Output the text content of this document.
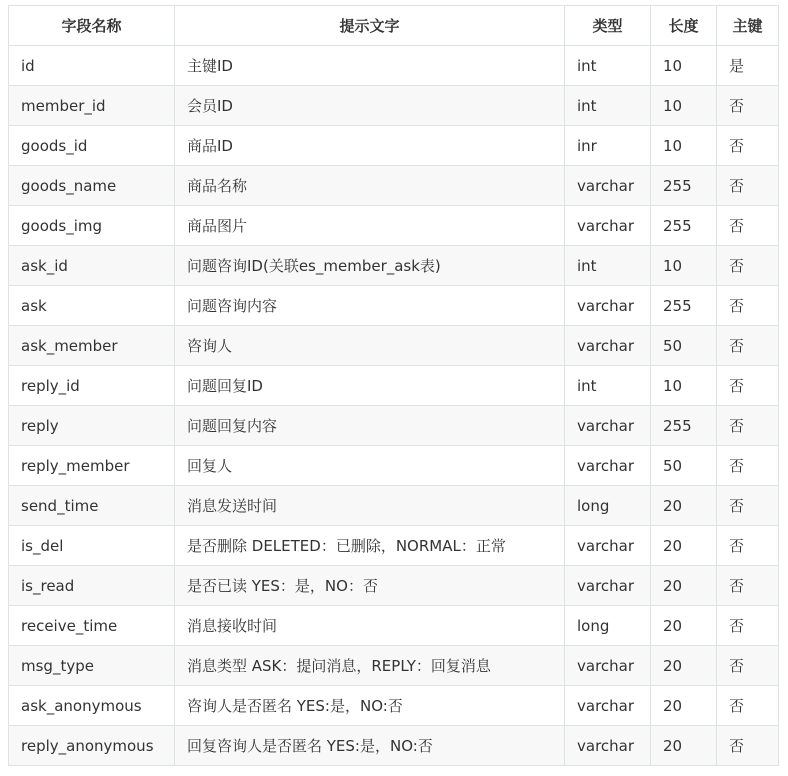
字段名称	提示文字	类型	长度	主键
id	主键ID	int	10	是
member_id	会员ID	int	10	否
goods_id	商品ID	inr	10	否
goods_name	商品名称	varchar	255	否
goods_img	商品图片	varchar	255	否
ask_id	问题咨询ID(关联es_member_ask表)	int	10	否
ask	问题咨询内容	varchar	255	否
ask_member	咨询人	varchar	50	否
reply_id	问题回复ID	int	10	否
reply	问题回复内容	varchar	255	否
reply_member	回复人	varchar	50	否
send_time	消息发送时间	long	20	否
is_del	是否删除 DELETED：已删除，NORMAL：正常	varchar	20	否
is_read	是否已读 YES：是，NO：否	varchar	20	否
receive_time	消息接收时间	long	20	否
msg_type	消息类型 ASK：提问消息，REPLY：回复消息	varchar	20	否
ask_anonymous	咨询人是否匿名 YES:是，NO:否	varchar	20	否
reply_anonymous	回复咨询人是否匿名 YES:是，NO:否	varchar	20	否
